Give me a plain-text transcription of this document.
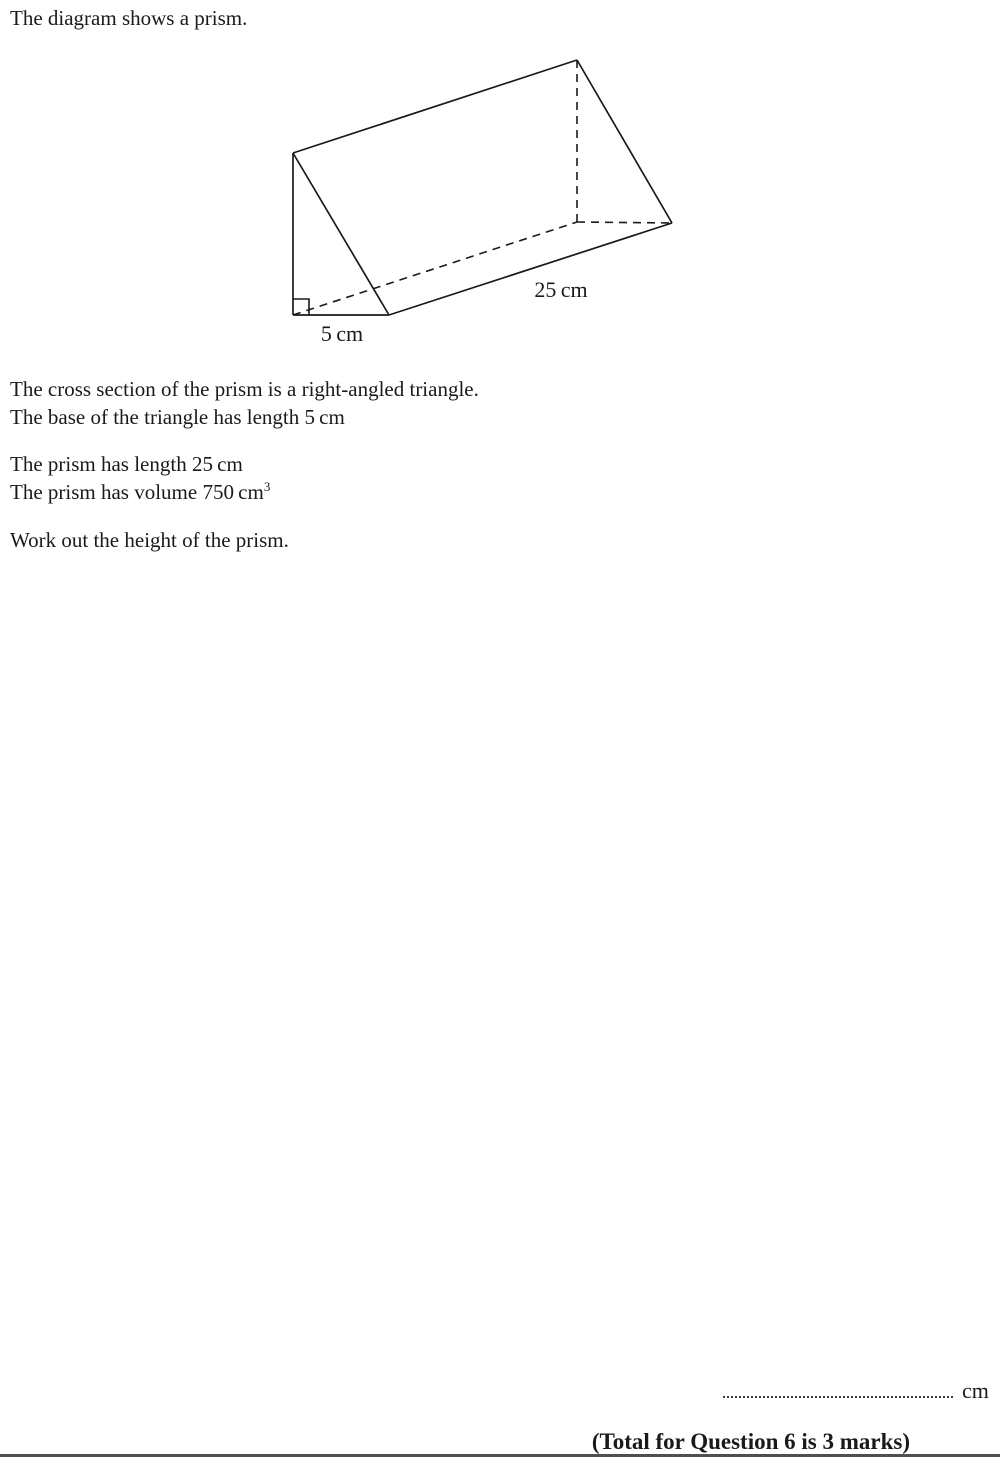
The diagram shows a prism.
25 cm
5 cm
The cross section of the prism is a right-angled triangle.
The base of the triangle has length 5 cm
The prism has length 25 cm
The prism has volume 750 $cm^3$
Work out the height of the prism.
cm
(Total for Question 6 is 3 marks)
